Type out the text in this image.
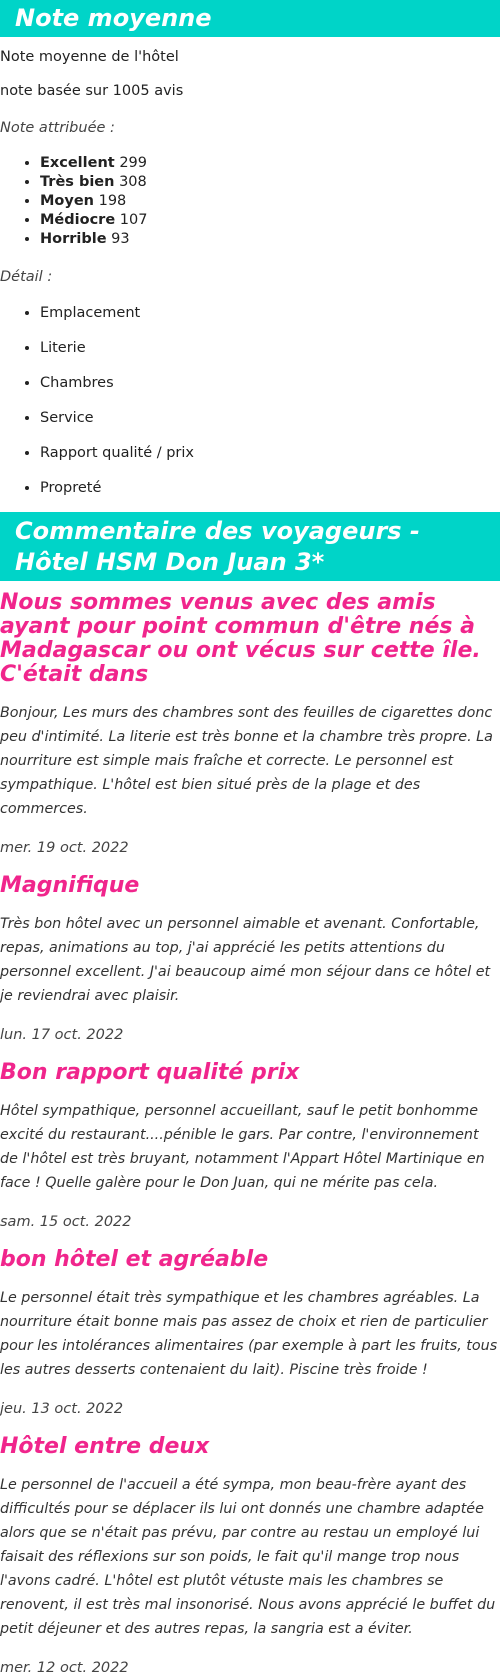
Note moyenne

Note moyenne de l'hôtel

note basée sur 1005 avis

Note attribuée :

• Excellent 299
• Très bien 308
• Moyen 198
• Médiocre 107
• Horrible 93

Détail :

• Emplacement
• Literie
• Chambres
• Service
• Rapport qualité / prix
• Propreté
Commentaire des voyageurs - Hôtel HSM Don Juan 3*
Nous sommes venus avec des amis ayant pour point commun d'être nés à Madagascar ou ont vécus sur cette île. C'était dans

Bonjour, Les murs des chambres sont des feuilles de cigarettes donc peu d'intimité. La literie est très bonne et la chambre très propre. La nourriture est simple mais fraîche et correcte. Le personnel est sympathique. L'hôtel est bien situé près de la plage et des commerces.

mer. 19 oct. 2022

Magnifique

Très bon hôtel avec un personnel aimable et avenant. Confortable, repas, animations au top, j'ai apprécié les petits attentions du personnel excellent. J'ai beaucoup aimé mon séjour dans ce hôtel et je reviendrai avec plaisir.

lun. 17 oct. 2022

Bon rapport qualité prix

Hôtel sympathique, personnel accueillant, sauf le petit bonhomme excité du restaurant....pénible le gars. Par contre, l'environnement de l'hôtel est très bruyant, notamment l'Appart Hôtel Martinique en face ! Quelle galère pour le Don Juan, qui ne mérite pas cela.

sam. 15 oct. 2022

bon hôtel et agréable

Le personnel était très sympathique et les chambres agréables. La nourriture était bonne mais pas assez de choix et rien de particulier pour les intolérances alimentaires (par exemple à part les fruits, tous les autres desserts contenaient du lait). Piscine très froide !

jeu. 13 oct. 2022

Hôtel entre deux

Le personnel de l'accueil a été sympa, mon beau-frère ayant des difficultés pour se déplacer ils lui ont donnés une chambre adaptée alors que se n'était pas prévu, par contre au restau un employé lui faisait des réflexions sur son poids, le fait qu'il mange trop nous l'avons cadré. L'hôtel est plutôt vétuste mais les chambres se renovent, il est très mal insonorisé. Nous avons apprécié le buffet du petit déjeuner et des autres repas, la sangria est a éviter.

mer. 12 oct. 2022
